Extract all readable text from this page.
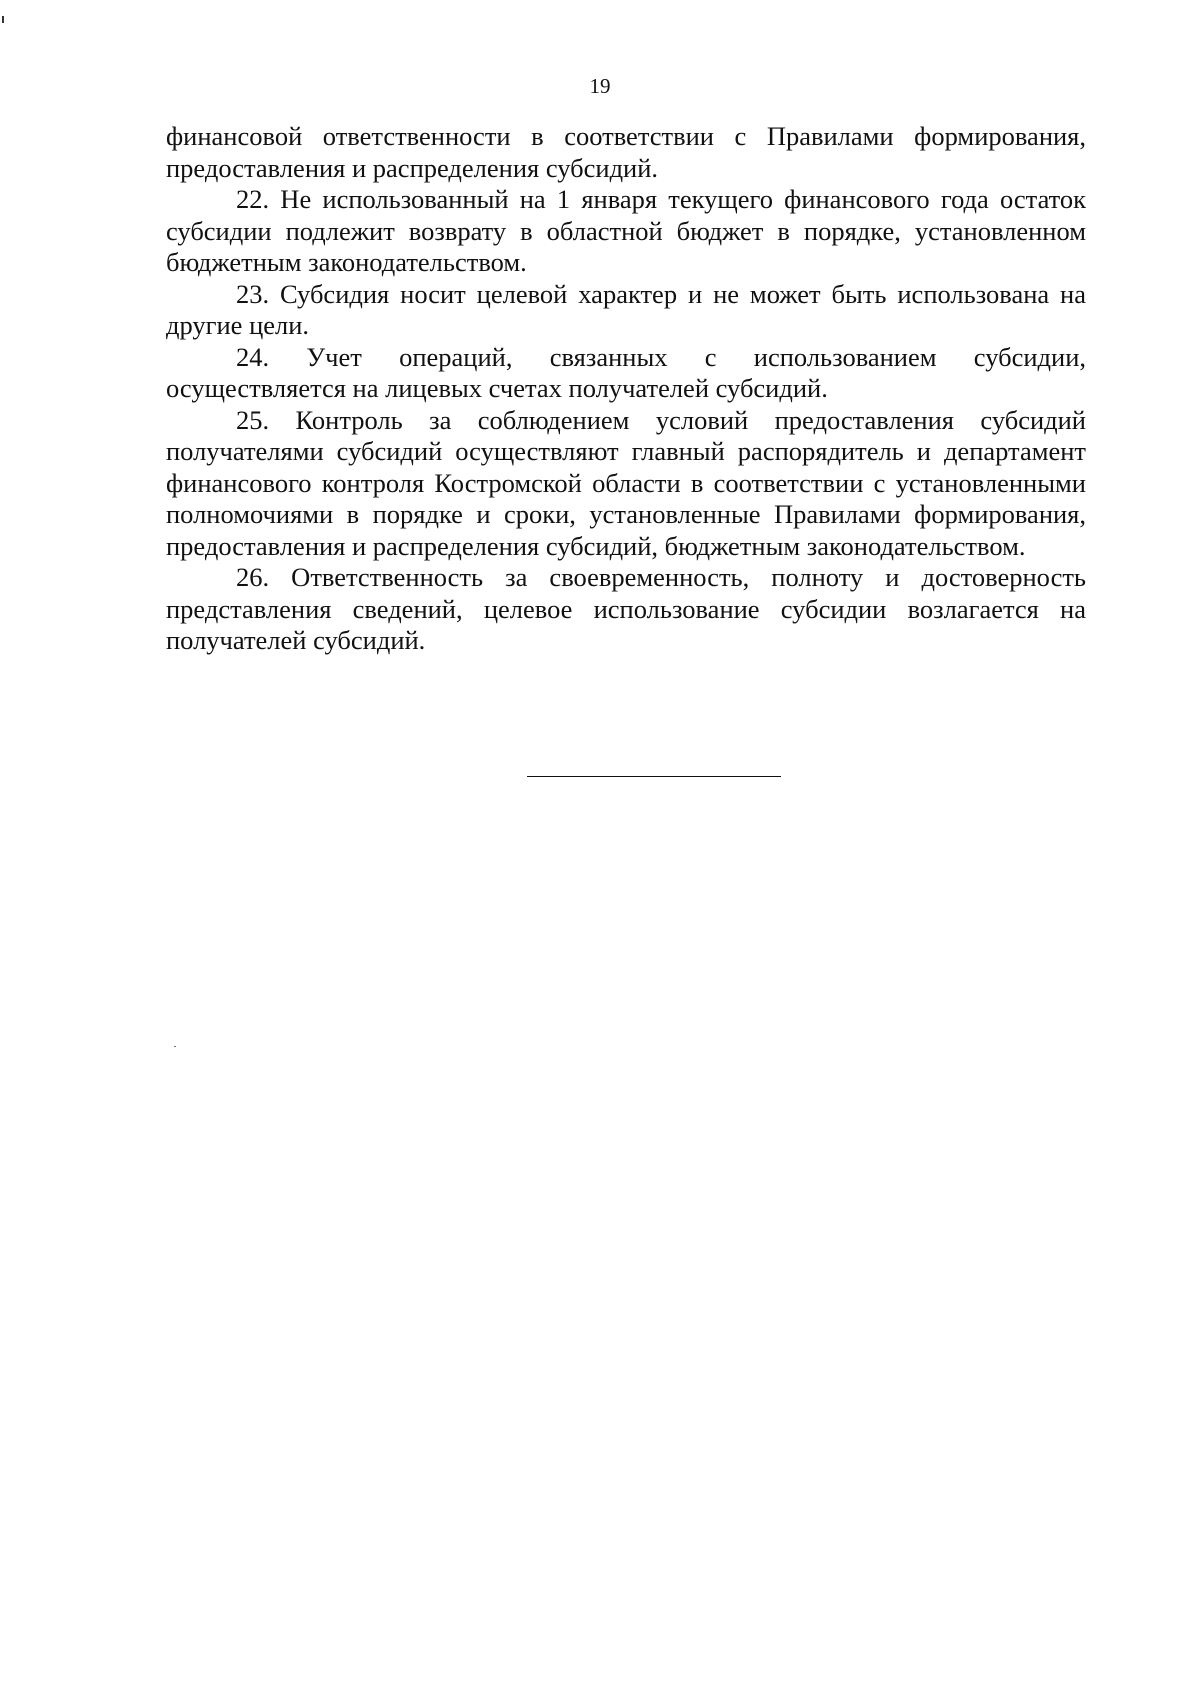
19

финансовой ответственности в соответствии с Правилами формирования, предоставления и распределения субсидий.

22. Не использованный на 1 января текущего финансового года остаток субсидии подлежит возврату в областной бюджет в порядке, установленном бюджетным законодательством.

23. Субсидия носит целевой характер и не может быть использована на другие цели.

24. Учет операций, связанных с использованием субсидии, осуществляется на лицевых счетах получателей субсидий.

25. Контроль за соблюдением условий предоставления субсидий получателями субсидий осуществляют главный распорядитель и департамент финансового контроля Костромской области в соответствии с установленными полномочиями в порядке и сроки, установленные Правилами формирования, предоставления и распределения субсидий, бюджетным законодательством.

26. Ответственность за своевременность, полноту и достоверность представления сведений, целевое использование субсидии возлагается на получателей субсидий.
